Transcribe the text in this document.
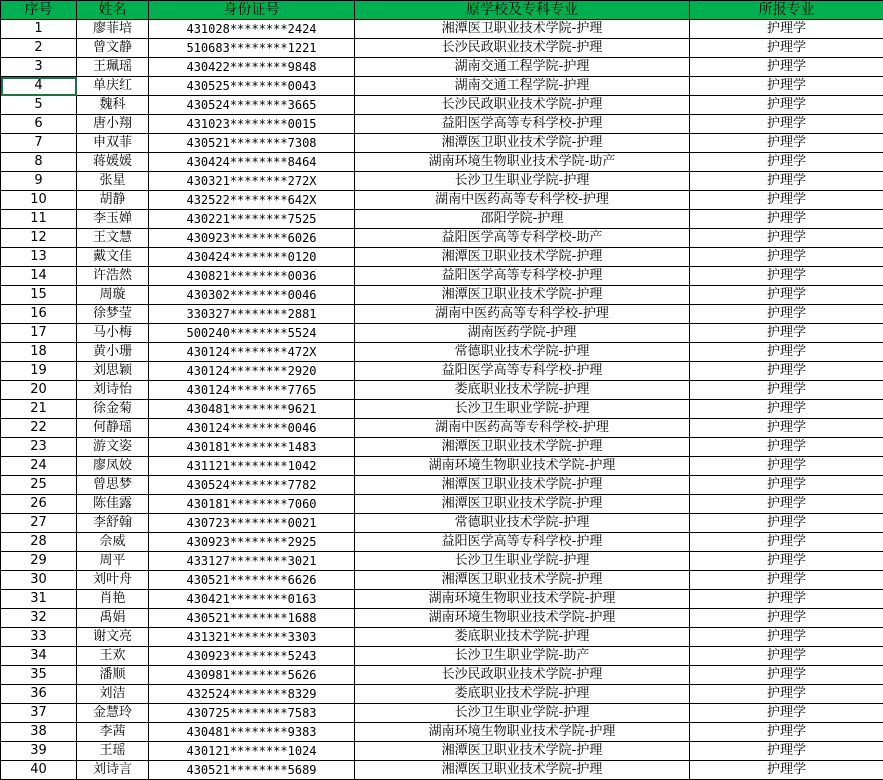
序号	姓名	身份证号	原学校及专科专业	所报专业
1	廖菲培	431028********2424	湘潭医卫职业技术学院-护理	护理学
2	曾文静	510683********1221	长沙民政职业技术学院-护理	护理学
3	王珮瑶	430422********9848	湖南交通工程学院-护理	护理学
4	单庆红	430525********0043	湖南交通工程学院-护理	护理学
5	魏科	430524********3665	长沙民政职业技术学院-护理	护理学
6	唐小翔	431023********0015	益阳医学高等专科学校-护理	护理学
7	申双菲	430521********7308	湘潭医卫职业技术学院-护理	护理学
8	蒋媛媛	430424********8464	湖南环境生物职业技术学院-助产	护理学
9	张星	430321********272X	长沙卫生职业学院-护理	护理学
10	胡静	432522********642X	湖南中医药高等专科学校-护理	护理学
11	李玉婵	430221********7525	邵阳学院-护理	护理学
12	王文慧	430923********6026	益阳医学高等专科学校-助产	护理学
13	戴文佳	430424********0120	湘潭医卫职业技术学院-护理	护理学
14	许浩然	430821********0036	益阳医学高等专科学校-护理	护理学
15	周璇	430302********0046	湘潭医卫职业技术学院-护理	护理学
16	徐梦莹	330327********2881	湖南中医药高等专科学校-护理	护理学
17	马小梅	500240********5524	湖南医药学院-护理	护理学
18	黄小珊	430124********472X	常德职业技术学院-护理	护理学
19	刘思颖	430124********2920	益阳医学高等专科学校-护理	护理学
20	刘诗怡	430124********7765	娄底职业技术学院-护理	护理学
21	徐金菊	430481********9621	长沙卫生职业学院-护理	护理学
22	何静瑶	430124********0046	湖南中医药高等专科学校-护理	护理学
23	游文姿	430181********1483	湘潭医卫职业技术学院-护理	护理学
24	廖凤姣	431121********1042	湖南环境生物职业技术学院-护理	护理学
25	曾思梦	430524********7782	湘潭医卫职业技术学院-护理	护理学
26	陈佳露	430181********7060	湘潭医卫职业技术学院-护理	护理学
27	李舒翰	430723********0021	常德职业技术学院-护理	护理学
28	佘威	430923********2925	益阳医学高等专科学校-护理	护理学
29	周平	433127********3021	长沙卫生职业学院-护理	护理学
30	刘叶舟	430521********6626	湘潭医卫职业技术学院-护理	护理学
31	肖艳	430421********0163	湖南环境生物职业技术学院-护理	护理学
32	禹娟	430521********1688	湖南环境生物职业技术学院-护理	护理学
33	谢文亮	431321********3303	娄底职业技术学院-护理	护理学
34	王欢	430923********5243	长沙卫生职业学院-助产	护理学
35	潘顺	430981********5626	长沙民政职业技术学院-护理	护理学
36	刘洁	432524********8329	娄底职业技术学院-护理	护理学
37	金慧玲	430725********7583	长沙卫生职业学院-护理	护理学
38	李茜	430481********9383	湖南环境生物职业技术学院-护理	护理学
39	王瑶	430121********1024	湘潭医卫职业技术学院-护理	护理学
40	刘诗言	430521********5689	湘潭医卫职业技术学院-护理	护理学
